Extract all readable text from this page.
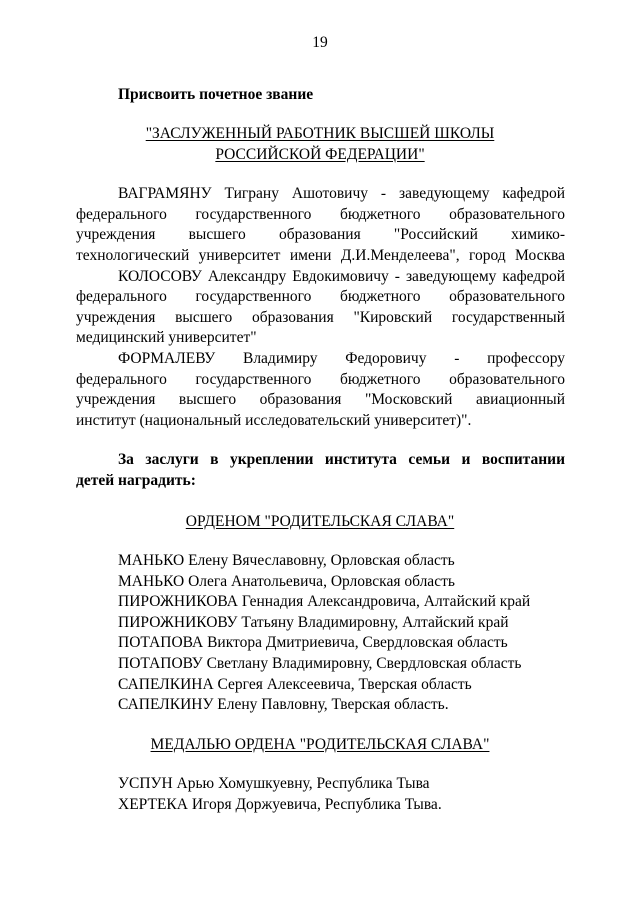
19
Присвоить почетное звание
"ЗАСЛУЖЕННЫЙ РАБОТНИК ВЫСШЕЙ ШКОЛЫ
РОССИЙСКОЙ ФЕДЕРАЦИИ"
ВАГРАМЯНУ Тиграну Ашотовичу - заведующему кафедрой
федерального государственного бюджетного образовательного
учреждения высшего образования "Российский химико-
технологический университет имени Д.И.Менделеева", город Москва
КОЛОСОВУ Александру Евдокимовичу - заведующему кафедрой
федерального государственного бюджетного образовательного
учреждения высшего образования "Кировский государственный
медицинский университет"
ФОРМАЛЕВУ Владимиру Федоровичу - профессору
федерального государственного бюджетного образовательного
учреждения высшего образования "Московский авиационный
институт (национальный исследовательский университет)".
За заслуги в укреплении института семьи и воспитании
детей наградить:
ОРДЕНОМ "РОДИТЕЛЬСКАЯ СЛАВА"
МАНЬКО Елену Вячеславовну, Орловская область
МАНЬКО Олега Анатольевича, Орловская область
ПИРОЖНИКОВА Геннадия Александровича, Алтайский край
ПИРОЖНИКОВУ Татьяну Владимировну, Алтайский край
ПОТАПОВА Виктора Дмитриевича, Свердловская область
ПОТАПОВУ Светлану Владимировну, Свердловская область
САПЕЛКИНА Сергея Алексеевича, Тверская область
САПЕЛКИНУ Елену Павловну, Тверская область.
МЕДАЛЬЮ ОРДЕНА "РОДИТЕЛЬСКАЯ СЛАВА"
УСПУН Арью Хомушкуевну, Республика Тыва
ХЕРТЕКА Игоря Доржуевича, Республика Тыва.
